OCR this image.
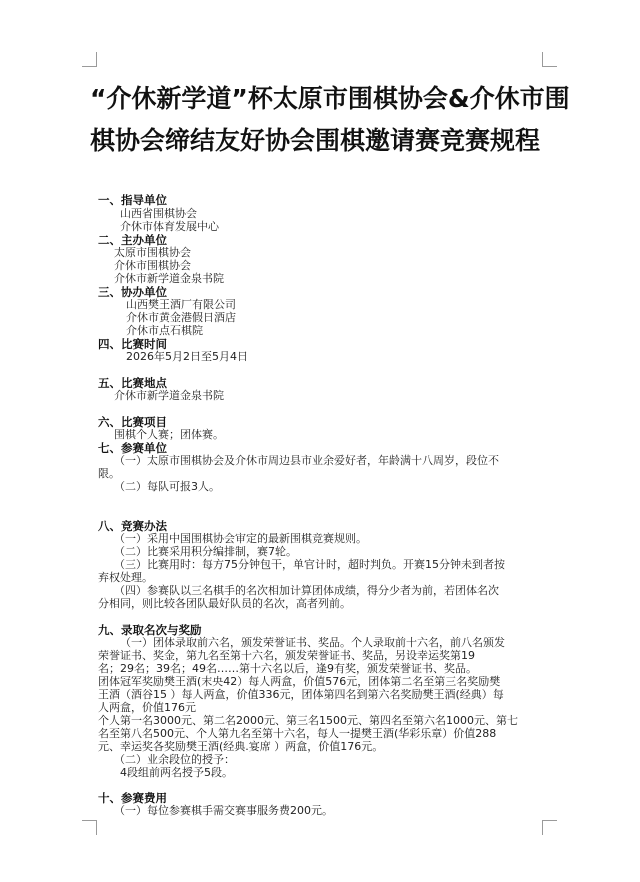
“介休新学道”杯太原市围棋协会&介休市围
棋协会缔结友好协会围棋邀请赛竞赛规程
一、指导单位
山西省围棋协会
介休市体育发展中心
二、主办单位
太原市围棋协会
介休市围棋协会
介休市新学道金泉书院
三、协办单位
山西樊王酒厂有限公司
介休市黄金港假日酒店
介休市点石棋院
四、比赛时间
2026年5月2日至5月4日
五、比赛地点
介休市新学道金泉书院
六、比赛项目
围棋个人赛；团体赛。
七、参赛单位
（一）太原市围棋协会及介休市周边县市业余爱好者，年龄满十八周岁，段位不
限。
（二）每队可报3人。
八、竞赛办法
（一）采用中国围棋协会审定的最新围棋竞赛规则。
（二）比赛采用积分编排制，赛7轮。
（三）比赛用时：每方75分钟包干，单官计时，超时判负。开赛15分钟未到者按
弃权处理。
（四）参赛队以三名棋手的名次相加计算团体成绩，得分少者为前，若团体名次
分相同，则比较各团队最好队员的名次，高者列前。
九、录取名次与奖励
（一）团体录取前六名，颁发荣誉证书、奖品。个人录取前十六名，前八名颁发
荣誉证书、奖金，第九名至第十六名，颁发荣誉证书、奖品，另设幸运奖第19
名；29名；39名；49名……第十六名以后，逢9有奖，颁发荣誉证书、奖品。
团体冠军奖励樊王酒(末央42）每人两盒，价值576元，团体第二名至第三名奖励樊
王酒（酒谷15 ）每人两盒，价值336元，团体第四名到第六名奖励樊王酒(经典）每
人两盒，价值176元
个人第一名3000元、第二名2000元、第三名1500元、第四名至第六名1000元、第七
名至第八名500元、个人第九名至第十六名，每人一提樊王酒(华彩乐章）价值288
元、幸运奖各奖励樊王酒(经典.宴席 ）两盒，价值176元。
（二）业余段位的授予：
4段组前两名授予5段。
十、参赛费用
（一）每位参赛棋手需交赛事服务费200元。
